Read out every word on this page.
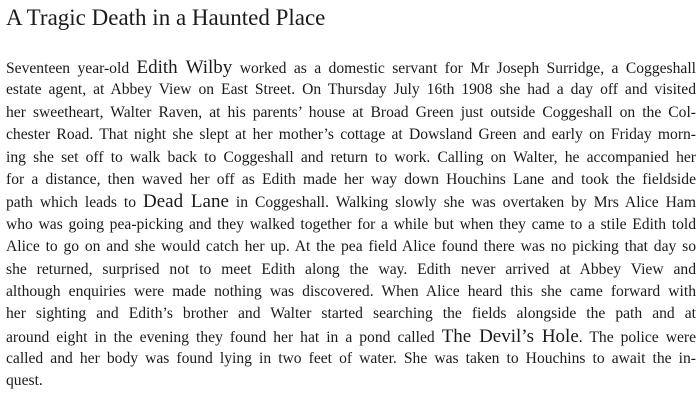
A Tragic Death in a Haunted Place
Seventeen year-old Edith Wilby worked as a domestic servant for Mr Joseph Surridge, a Coggeshall
estate agent, at Abbey View on East Street. On Thursday July 16th 1908 she had a day off and visited
her sweetheart, Walter Raven, at his parents’ house at Broad Green just outside Coggeshall on the Col-
chester Road. That night she slept at her mother’s cottage at Dowsland Green and early on Friday morn-
ing she set off to walk back to Coggeshall and return to work. Calling on Walter, he accompanied her
for a distance, then waved her off as Edith made her way down Houchins Lane and took the fieldside
path which leads to Dead Lane in Coggeshall. Walking slowly she was overtaken by Mrs Alice Ham
who was going pea-picking and they walked together for a while but when they came to a stile Edith told
Alice to go on and she would catch her up. At the pea field Alice found there was no picking that day so
she returned, surprised not to meet Edith along the way. Edith never arrived at Abbey View and
although enquiries were made nothing was discovered. When Alice heard this she came forward with
her sighting and Edith’s brother and Walter started searching the fields alongside the path and at
around eight in the evening they found her hat in a pond called The Devil’s Hole. The police were
called and her body was found lying in two feet of water. She was taken to Houchins to await the in-
quest.
